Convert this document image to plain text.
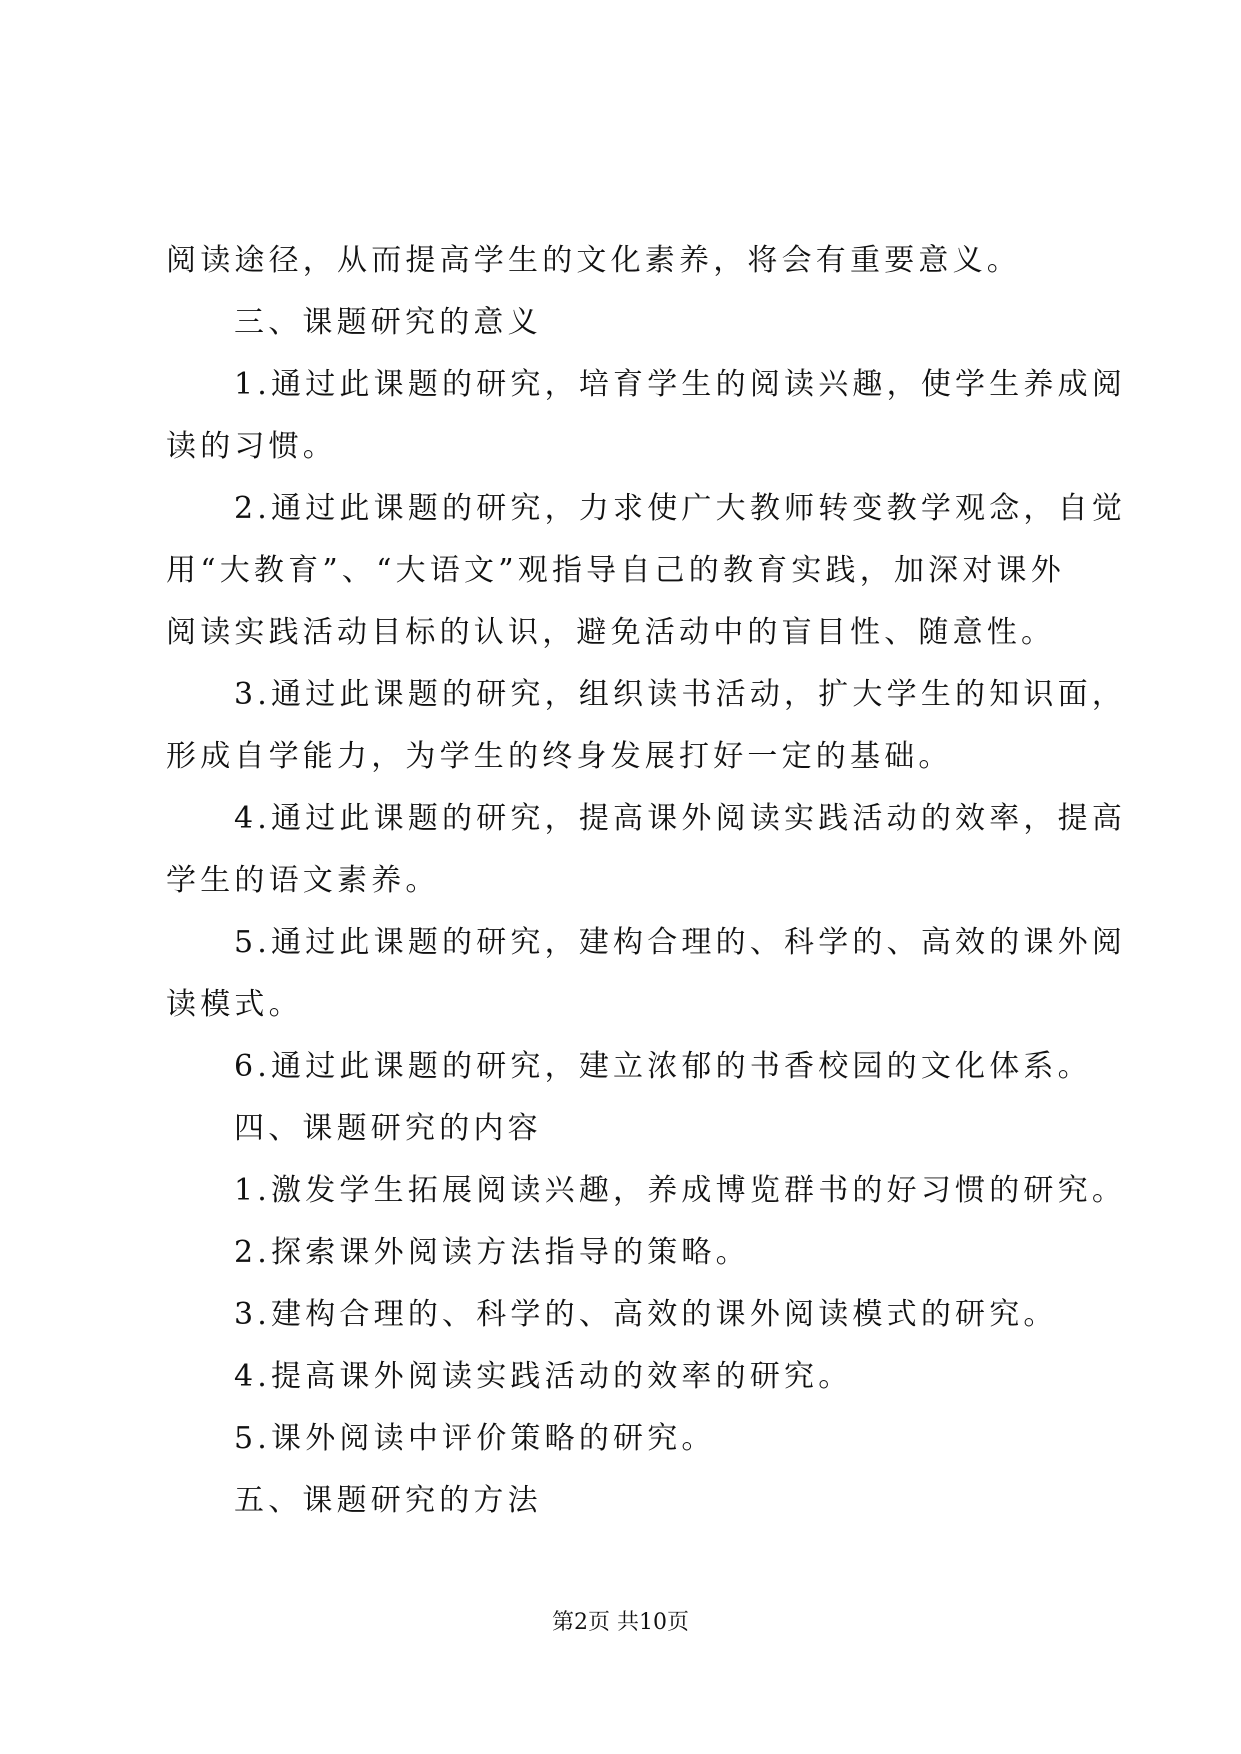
阅读途径，从而提高学生的文化素养，将会有重要意义。
三、课题研究的意义
1.通过此课题的研究，培育学生的阅读兴趣，使学生养成阅
读的习惯。
2.通过此课题的研究，力求使广大教师转变教学观念，自觉
用“大教育”、“大语文”观指导自己的教育实践，加深对课外
阅读实践活动目标的认识，避免活动中的盲目性、随意性。
3.通过此课题的研究，组织读书活动，扩大学生的知识面，
形成自学能力，为学生的终身发展打好一定的基础。
4.通过此课题的研究，提高课外阅读实践活动的效率，提高
学生的语文素养。
5.通过此课题的研究，建构合理的、科学的、高效的课外阅
读模式。
6.通过此课题的研究，建立浓郁的书香校园的文化体系。
四、课题研究的内容
1.激发学生拓展阅读兴趣，养成博览群书的好习惯的研究。
2.探索课外阅读方法指导的策略。
3.建构合理的、科学的、高效的课外阅读模式的研究。
4.提高课外阅读实践活动的效率的研究。
5.课外阅读中评价策略的研究。
五、课题研究的方法
第2页 共10页
